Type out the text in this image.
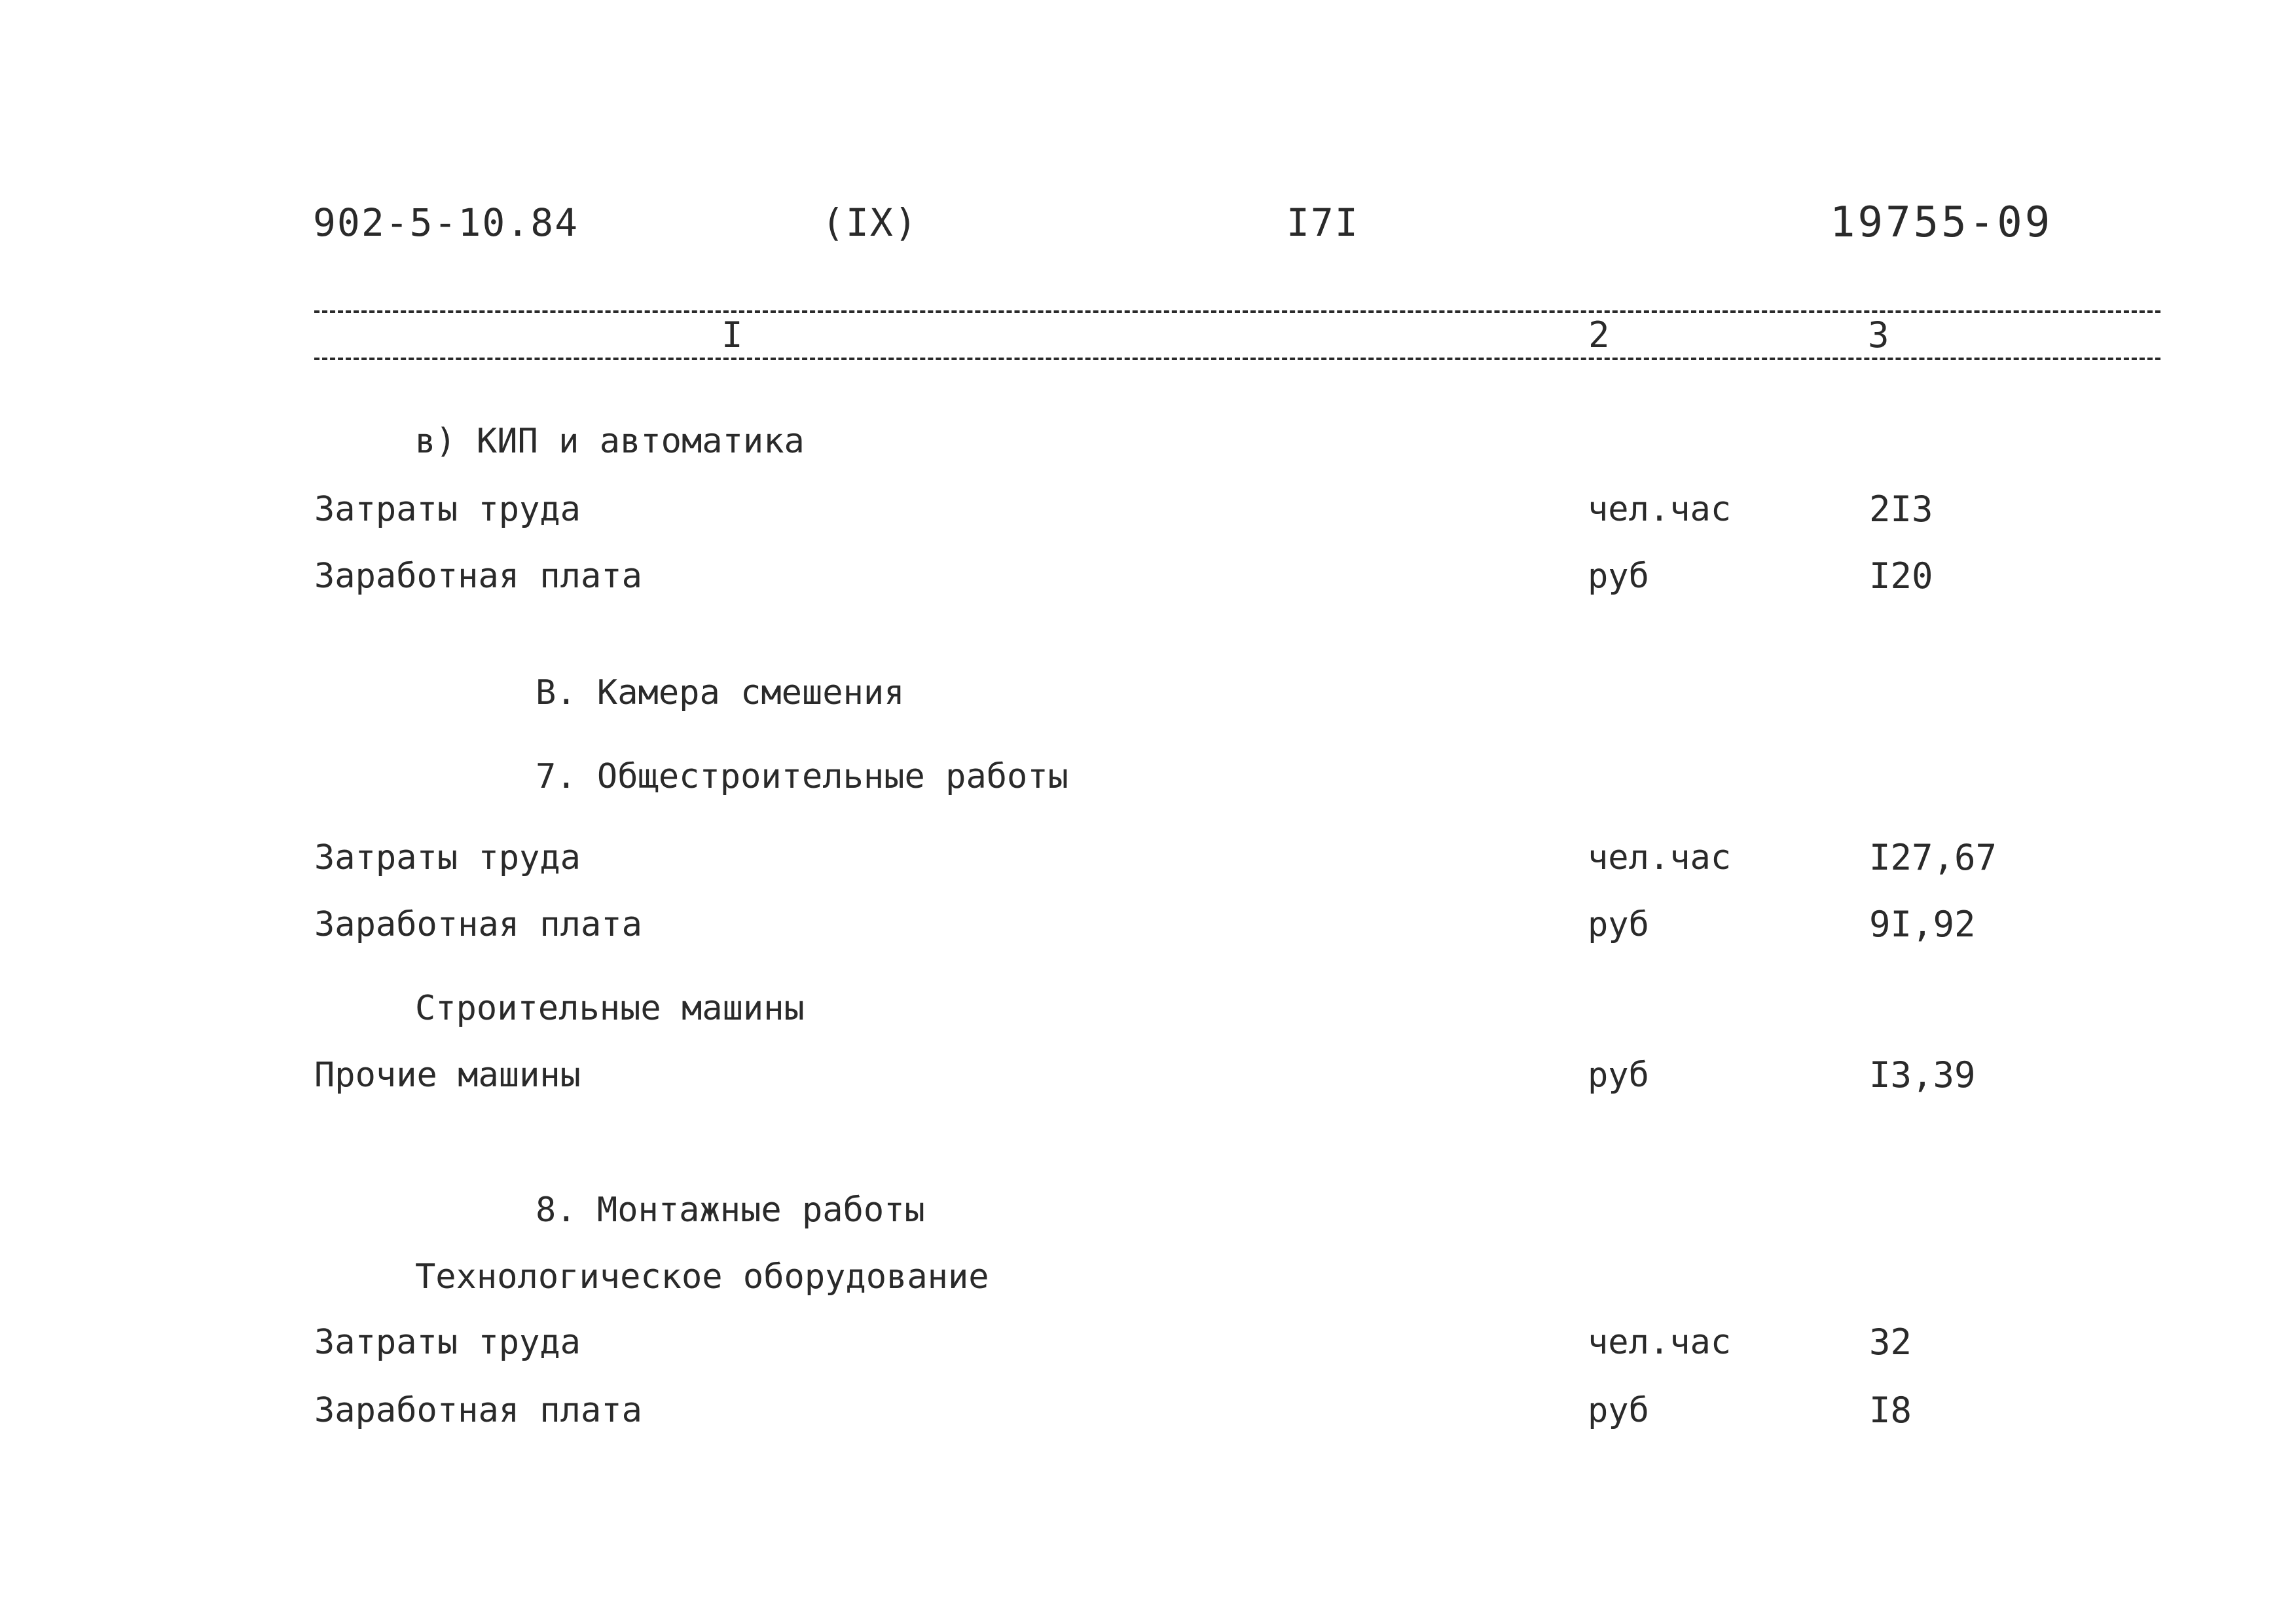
902-5-10.84	(IX)	I7I	19755-09
I	2	3
в) КИП и автоматика
Затраты труда	чел.час	2I3
Заработная плата	руб	I20
В. Камера смешения
7. Общестроительные работы
Затраты труда	чел.час	I27,67
Заработная плата	руб	9I,92
Строительные машины
Прочие машины	руб	I3,39
8. Монтажные работы
Технологическое оборудование
Затраты труда	чел.час	32
Заработная плата	руб	I8
